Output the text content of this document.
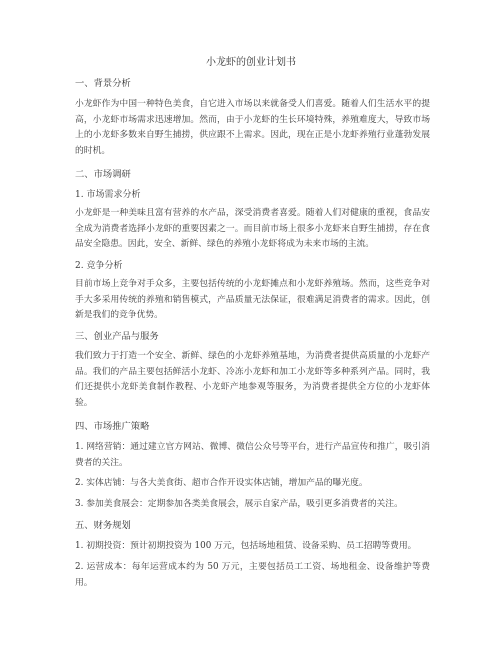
小龙虾的创业计划书
一、背景分析
小龙虾作为中国一种特色美食，自它进入市场以来就备受人们喜爱。随着人们生活水平的提高，小龙虾市场需求迅速增加。然而，由于小龙虾的生长环境特殊，养殖难度大，导致市场上的小龙虾多数来自野生捕捞，供应跟不上需求。因此，现在正是小龙虾养殖行业蓬勃发展的时机。
二、市场调研
1. 市场需求分析
小龙虾是一种美味且富有营养的水产品，深受消费者喜爱。随着人们对健康的重视，食品安全成为消费者选择小龙虾的重要因素之一。而目前市场上很多小龙虾来自野生捕捞，存在食品安全隐患。因此，安全、新鲜、绿色的养殖小龙虾将成为未来市场的主流。
2. 竞争分析
目前市场上竞争对手众多，主要包括传统的小龙虾摊点和小龙虾养殖场。然而，这些竞争对手大多采用传统的养殖和销售模式，产品质量无法保证，很难满足消费者的需求。因此，创新是我们的竞争优势。
三、创业产品与服务
我们致力于打造一个安全、新鲜、绿色的小龙虾养殖基地，为消费者提供高质量的小龙虾产品。我们的产品主要包括鲜活小龙虾、冷冻小龙虾和加工小龙虾等多种系列产品。同时，我们还提供小龙虾美食制作教程、小龙虾产地参观等服务，为消费者提供全方位的小龙虾体验。
四、市场推广策略
1. 网络营销：通过建立官方网站、微博、微信公众号等平台，进行产品宣传和推广，吸引消费者的关注。
2. 实体店铺：与各大美食街、超市合作开设实体店铺，增加产品的曝光度。
3. 参加美食展会：定期参加各类美食展会，展示自家产品，吸引更多消费者的关注。
五、财务规划
1. 初期投资：预计初期投资为 100 万元，包括场地租赁、设备采购、员工招聘等费用。
2. 运营成本：每年运营成本约为 50 万元，主要包括员工工资、场地租金、设备维护等费用。
